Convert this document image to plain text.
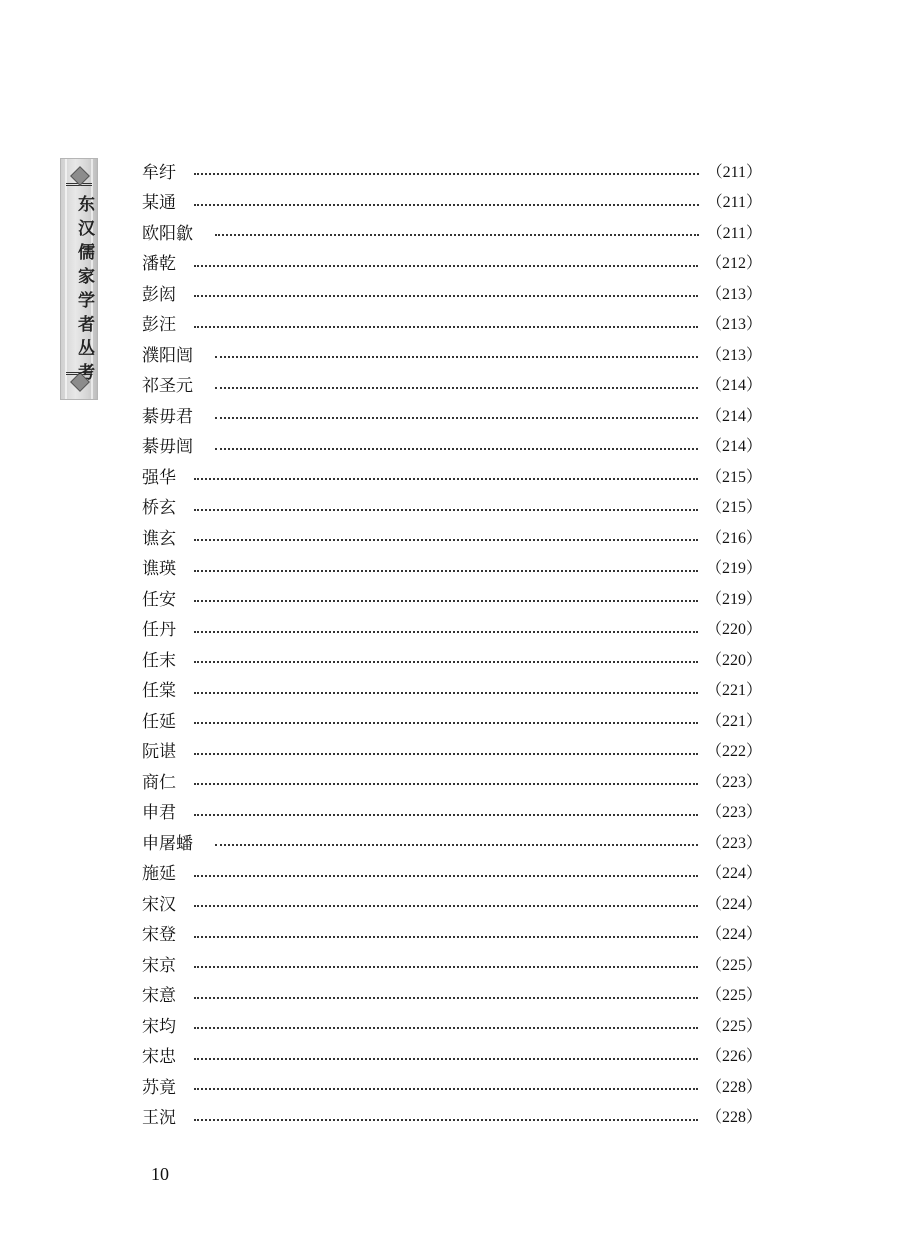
东汉儒家学者丛考
牟纡	（211）
某通	（211）
欧阳歙	（211）
潘乾	（212）
彭闳	（213）
彭汪	（213）
濮阳闿	（213）
祁圣元	（214）
綦毋君	（214）
綦毋闿	（214）
强华	（215）
桥玄	（215）
谯玄	（216）
谯瑛	（219）
任安	（219）
任丹	（220）
任末	（220）
任棠	（221）
任延	（221）
阮谌	（222）
商仁	（223）
申君	（223）
申屠蟠	（223）
施延	（224）
宋汉	（224）
宋登	（224）
宋京	（225）
宋意	（225）
宋均	（225）
宋忠	（226）
苏竟	（228）
王況	（228）
10
